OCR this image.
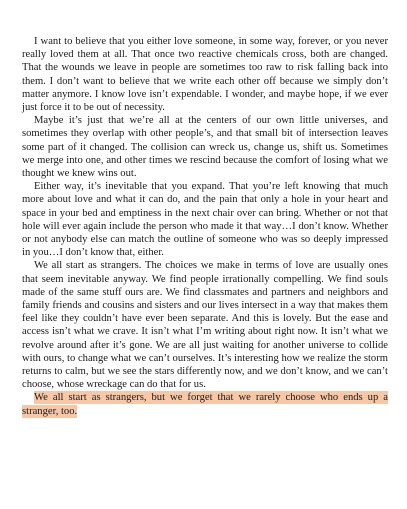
I want to believe that you either love someone, in some way, forever, or you never really loved them at all. That once two reactive chemicals cross, both are changed. That the wounds we leave in people are sometimes too raw to risk falling back into them. I don’t want to believe that we write each other off because we simply don’t matter anymore. I know love isn’t expendable. I wonder, and maybe hope, if we ever just force it to be out of necessity.

Maybe it’s just that we’re all at the centers of our own little universes, and sometimes they overlap with other people’s, and that small bit of intersection leaves some part of it changed. The collision can wreck us, change us, shift us. Sometimes we merge into one, and other times we rescind because the comfort of losing what we thought we knew wins out.

Either way, it’s inevitable that you expand. That you’re left knowing that much more about love and what it can do, and the pain that only a hole in your heart and space in your bed and emptiness in the next chair over can bring. Whether or not that hole will ever again include the person who made it that way…I don’t know. Whether or not anybody else can match the outline of someone who was so deeply impressed in you…I don’t know that, either.

We all start as strangers. The choices we make in terms of love are usually ones that seem inevitable anyway. We find people irrationally compelling. We find souls made of the same stuff ours are. We find classmates and partners and neighbors and family friends and cousins and sisters and our lives intersect in a way that makes them feel like they couldn’t have ever been separate. And this is lovely. But the ease and access isn’t what we crave. It isn’t what I’m writing about right now. It isn’t what we revolve around after it’s gone. We are all just waiting for another universe to collide with ours, to change what we can’t ourselves. It’s interesting how we realize the storm returns to calm, but we see the stars differently now, and we don’t know, and we can’t choose, whose wreckage can do that for us.

We all start as strangers, but we forget that we rarely choose who ends up a stranger, too.
